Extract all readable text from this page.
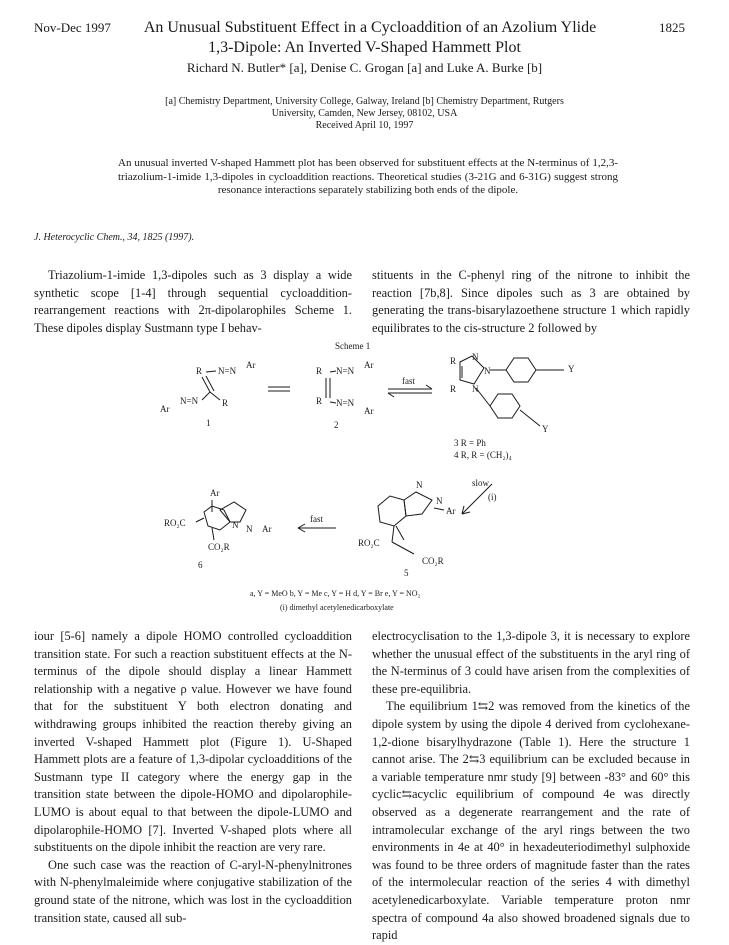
Nov-Dec 1997	1825
An Unusual Substituent Effect in a Cycloaddition of an Azolium Ylide
1,3-Dipole: An Inverted V-Shaped Hammett Plot
Richard N. Butler* [a], Denise C. Grogan [a] and Luke A. Burke [b]
[a] Chemistry Department, University College, Galway, Ireland [b] Chemistry Department, Rutgers
University, Camden, New Jersey, 08102, USA
Received April 10, 1997
An unusual inverted V-shaped Hammett plot has been observed for substituent effects at the N-terminus of 1,2,3-triazolium-1-imide 1,3-dipoles in cycloaddition reactions. Theoretical studies (3-21G and 6-31G) suggest strong resonance interactions separately stabilizing both ends of the dipole.
J. Heterocyclic Chem., 34, 1825 (1997).

Triazolium-1-imide 1,3-dipoles such as 3 display a wide synthetic scope [1-4] through sequential cycloaddition-rearrangement reactions with 2π-dipolarophiles Scheme 1. These dipoles display Sustmann type I behav-

stituents in the C-phenyl ring of the nitrone to inhibit the reaction [7b,8]. Since dipoles such as 3 are obtained by generating the trans-bisarylazoethene structure 1 which rapidly equilibrates to the cis-structure 2 followed by

Scheme 1
R N=N
Ar
Ar
N=N	R
1
R N=N
Ar
R N=N
Ar
2
fast
R
R
N
N
N
Y
Y
3 R = Ph
4 R, R = (CH₂)₄
slow
(i)
N
N
Ar
RO₂C
CO₂R
5
fast
Ar
RO₂C	N N Ar
CO₂R
6
a, Y = MeO b, Y = Me c, Y = H d, Y = Br e, Y = NO₂
(i) dimethyl acetylenedicarboxylate

iour [5-6] namely a dipole HOMO controlled cycloaddition transition state. For such a reaction substituent effects at the N-terminus of the dipole should display a linear Hammett relationship with a negative ρ value. However we have found that for the substituent Y both electron donating and withdrawing groups inhibited the reaction thereby giving an inverted V-shaped Hammett plot (Figure 1). U-Shaped Hammett plots are a feature of 1,3-dipolar cycloadditions of the Sustmann type II category where the energy gap in the transition state between the dipole-HOMO and dipolarophile-LUMO is about equal to that between the dipole-LUMO and dipolarophile-HOMO [7]. Inverted V-shaped plots where all substituents on the dipole inhibit the reaction are very rare.

One such case was the reaction of C-aryl-N-phenylnitrones with N-phenylmaleimide where conjugative stabilization of the ground state of the nitrone, which was lost in the cycloaddition transition state, caused all sub-

electrocyclisation to the 1,3-dipole 3, it is necessary to explore whether the unusual effect of the substituents in the aryl ring of the N-terminus of 3 could have arisen from the complexities of these pre-equilibria.

The equilibrium 1⇆2 was removed from the kinetics of the dipole system by using the dipole 4 derived from cyclohexane-1,2-dione bisarylhydrazone (Table 1). Here the structure 1 cannot arise. The 2⇆3 equilibrium can be excluded because in a variable temperature nmr study [9] between -83° and 60° this cyclic⇆acyclic equilibrium of compound 4e was directly observed as a degenerate rearrangement and the rate of intramolecular exchange of the aryl rings between the two environments in 4e at 40° in hexadeuteriodimethyl sulphoxide was found to be three orders of magnitude faster than the rates of the intermolecular reaction of the series 4 with dimethyl acetylenedicarboxylate. Variable temperature proton nmr spectra of compound 4a also showed broadened signals due to rapid
